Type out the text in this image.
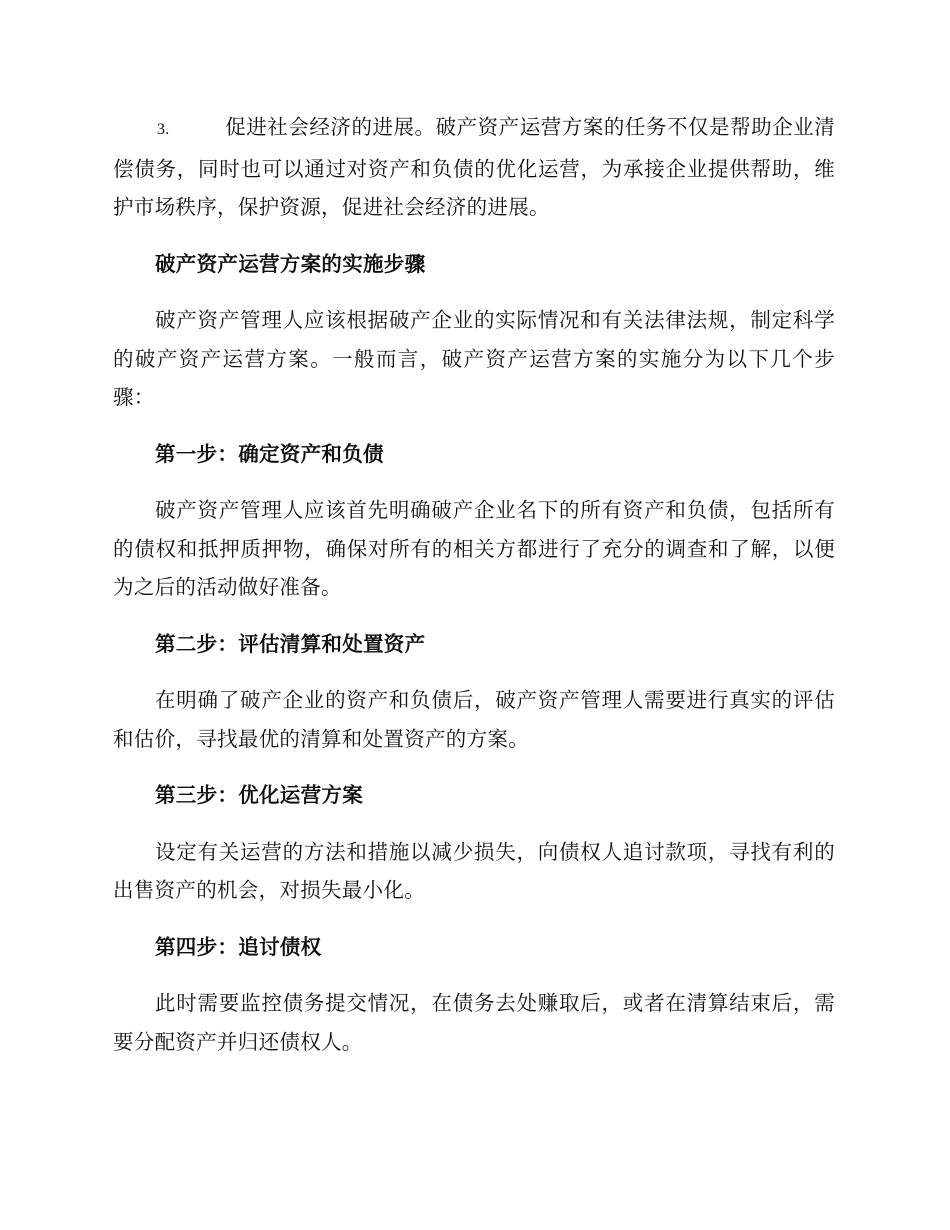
3.	促进社会经济的进展。破产资产运营方案的任务不仅是帮助企业清偿债务，同时也可以通过对资产和负债的优化运营，为承接企业提供帮助，维护市场秩序，保护资源，促进社会经济的进展。

破产资产运营方案的实施步骤

破产资产管理人应该根据破产企业的实际情况和有关法律法规，制定科学的破产资产运营方案。一般而言，破产资产运营方案的实施分为以下几个步骤：

第一步：确定资产和负债

破产资产管理人应该首先明确破产企业名下的所有资产和负债，包括所有的债权和抵押质押物，确保对所有的相关方都进行了充分的调查和了解，以便为之后的活动做好准备。

第二步：评估清算和处置资产

在明确了破产企业的资产和负债后，破产资产管理人需要进行真实的评估和估价，寻找最优的清算和处置资产的方案。

第三步：优化运营方案

设定有关运营的方法和措施以减少损失，向债权人追讨款项，寻找有利的出售资产的机会，对损失最小化。

第四步：追讨债权

此时需要监控债务提交情况，在债务去处赚取后，或者在清算结束后，需要分配资产并归还债权人。
